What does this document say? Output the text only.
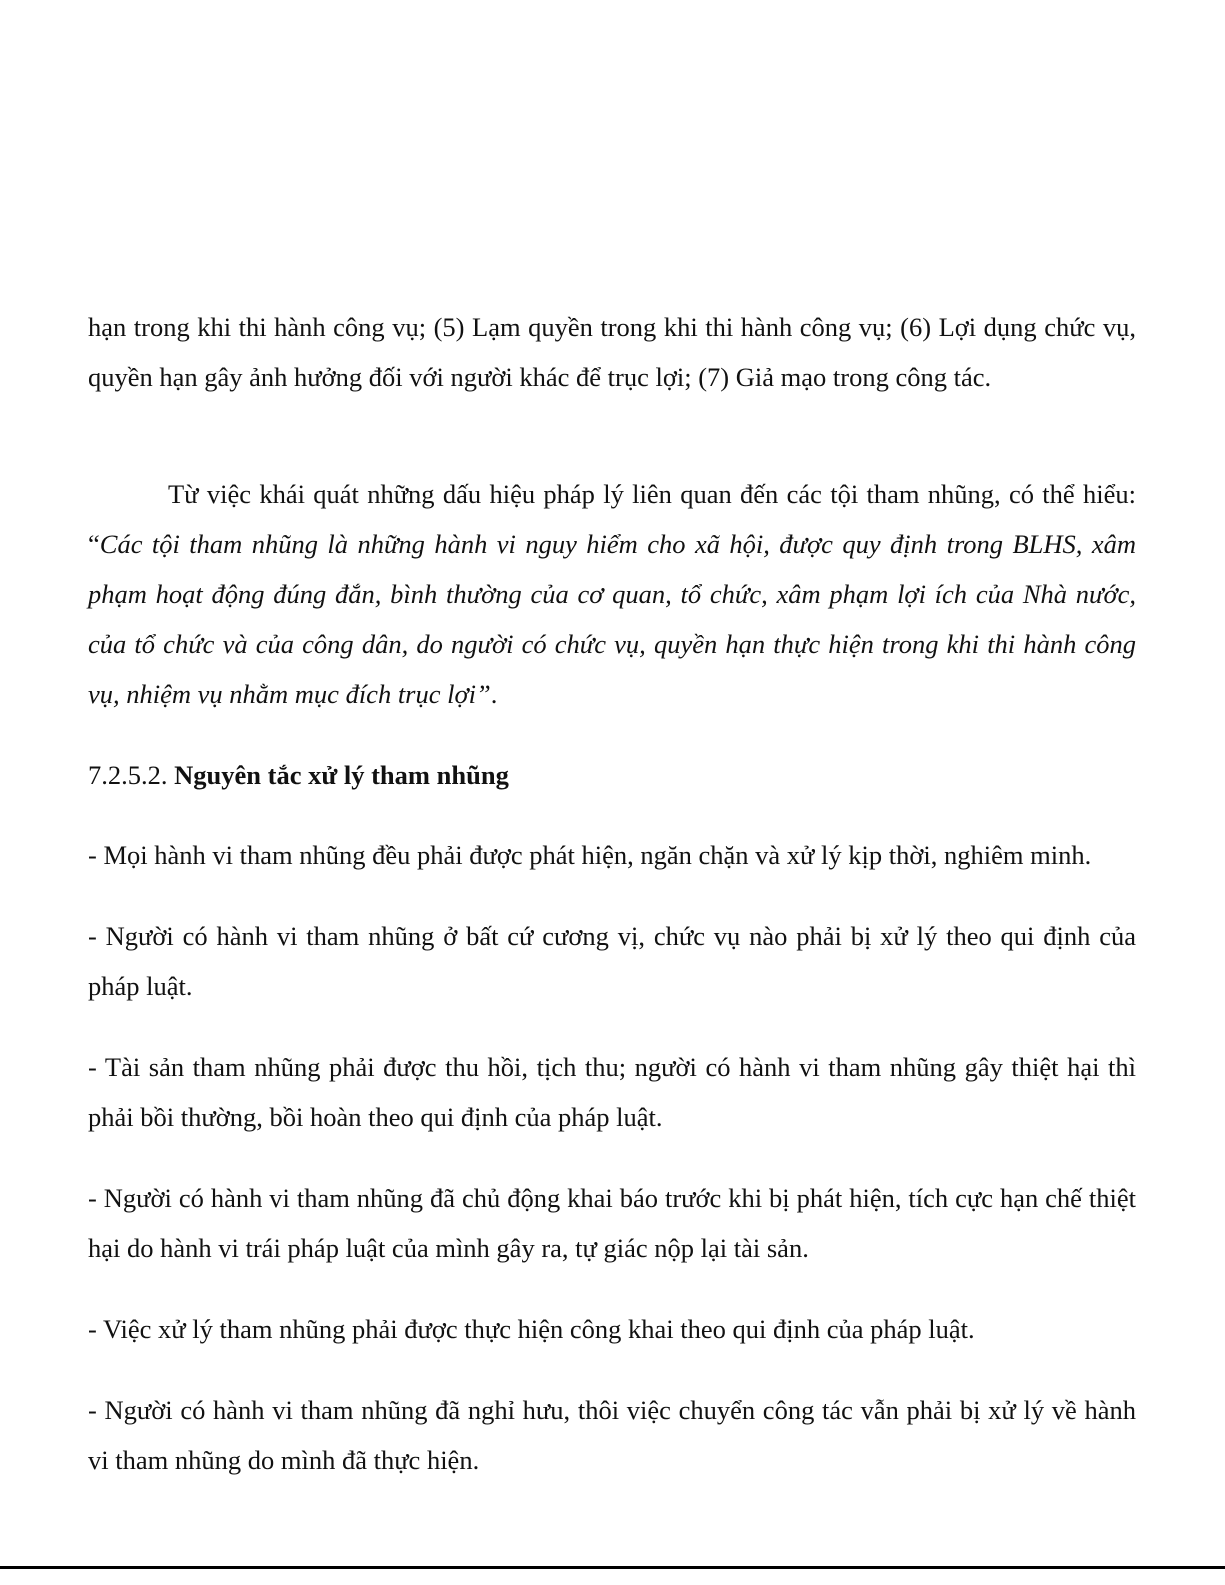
hạn trong khi thi hành công vụ; (5) Lạm quyền trong khi thi hành công vụ; (6) Lợi dụng chức vụ, quyền hạn gây ảnh hưởng đối với người khác để trục lợi; (7) Giả mạo trong công tác.

Từ việc khái quát những dấu hiệu pháp lý liên quan đến các tội tham nhũng, có thể hiểu: “Các tội tham nhũng là những hành vi nguy hiểm cho xã hội, được quy định trong BLHS, xâm phạm hoạt động đúng đắn, bình thường của cơ quan, tổ chức, xâm phạm lợi ích của Nhà nước, của tổ chức và của công dân, do người có chức vụ, quyền hạn thực hiện trong khi thi hành công vụ, nhiệm vụ nhằm mục đích trục lợi”.

7.2.5.2. Nguyên tắc xử lý tham nhũng
- Mọi hành vi tham nhũng đều phải được phát hiện, ngăn chặn và xử lý kịp thời, nghiêm minh.
- Người có hành vi tham nhũng ở bất cứ cương vị, chức vụ nào phải bị xử lý theo qui định của pháp luật.
- Tài sản tham nhũng phải được thu hồi, tịch thu; người có hành vi tham nhũng gây thiệt hại thì phải bồi thường, bồi hoàn theo qui định của pháp luật.
- Người có hành vi tham nhũng đã chủ động khai báo trước khi bị phát hiện, tích cực hạn chế thiệt hại do hành vi trái pháp luật của mình gây ra, tự giác nộp lại tài sản.
- Việc xử lý tham nhũng phải được thực hiện công khai theo qui định của pháp luật.
- Người có hành vi tham nhũng đã nghỉ hưu, thôi việc chuyển công tác vẫn phải bị xử lý về hành vi tham nhũng do mình đã thực hiện.
